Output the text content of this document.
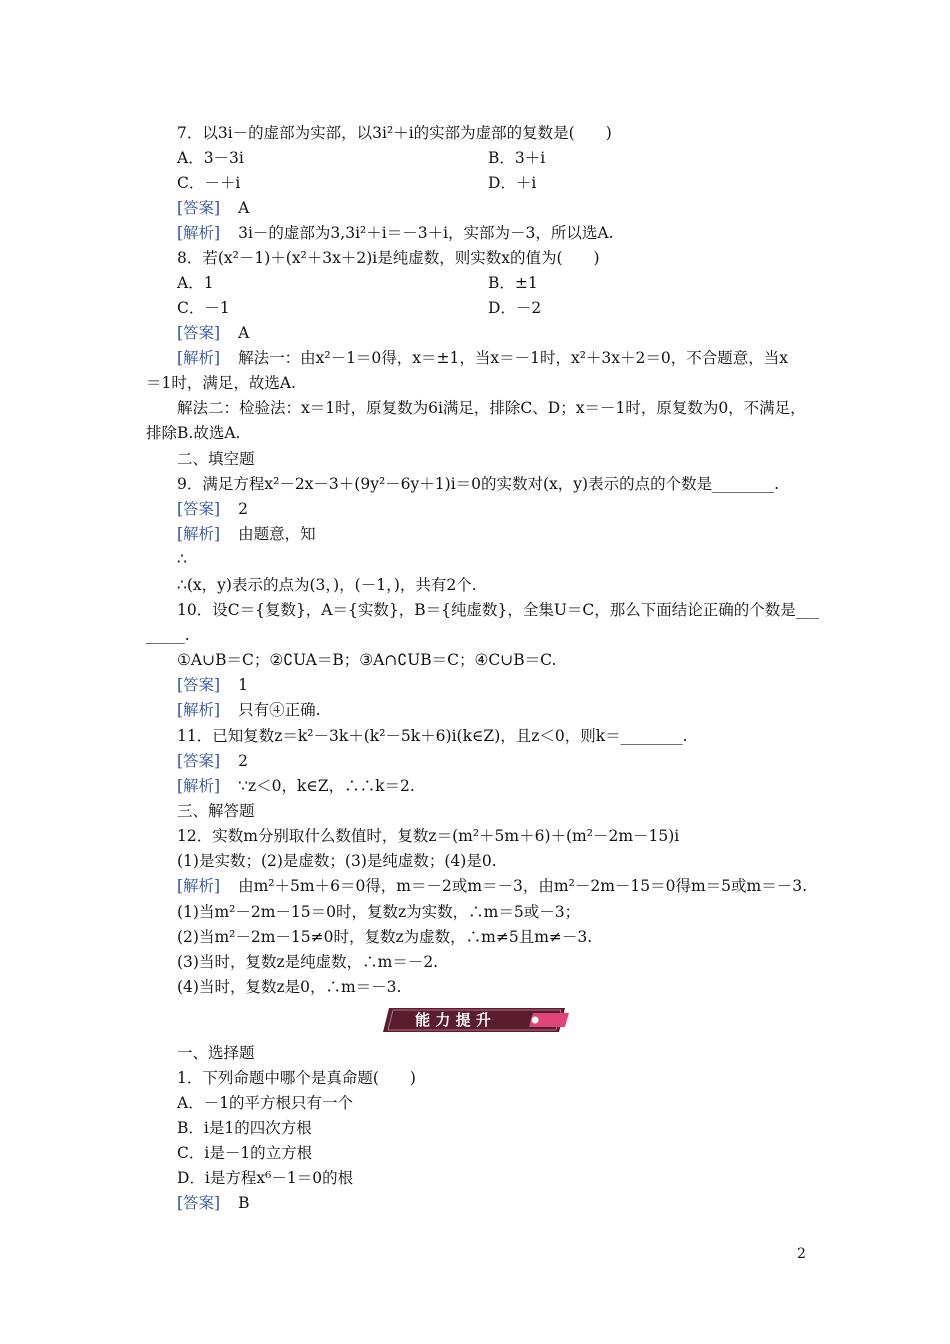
7．以3i－的虚部为实部，以3i²＋i的实部为虚部的复数是(　　)
A．3－3i	B．3＋i
C．－＋i	D．＋i
[答案] A
[解析] 3i－的虚部为3,3i²＋i＝－3＋i，实部为－3，所以选A.
8．若(x²－1)＋(x²＋3x＋2)i是纯虚数，则实数x的值为(　　)
A．1	B．±1
C．－1	D．－2
[答案] A
[解析] 解法一：由x²－1＝0得，x＝±1，当x＝－1时，x²＋3x＋2＝0，不合题意，当x
＝1时，满足，故选A.
解法二：检验法：x＝1时，原复数为6i满足，排除C、D；x＝－1时，原复数为0，不满足，
排除B.故选A.
二、填空题
9．满足方程x²－2x－3＋(9y²－6y＋1)i＝0的实数对(x，y)表示的点的个数是________.
[答案] 2
[解析] 由题意，知
∴
∴(x，y)表示的点为(3，)，(－1，)，共有2个.
10．设C＝{复数}，A＝{实数}，B＝{纯虚数}，全集U＝C，那么下面结论正确的个数是___
_____.
①A∪B＝C；②∁UA＝B；③A∩∁UB＝C；④C∪B＝C.
[答案] 1
[解析] 只有④正确.
11．已知复数z＝k²－3k＋(k²－5k＋6)i(k∈Z)，且z＜0，则k＝________.
[答案] 2
[解析] ∵z＜0，k∈Z，∴∴k＝2.
三、解答题
12．实数m分别取什么数值时，复数z＝(m²＋5m＋6)＋(m²－2m－15)i
(1)是实数；(2)是虚数；(3)是纯虚数；(4)是0.
[解析] 由m²＋5m＋6＝0得，m＝－2或m＝－3，由m²－2m－15＝0得m＝5或m＝－3.
(1)当m²－2m－15＝0时，复数z为实数，∴m＝5或－3；
(2)当m²－2m－15≠0时，复数z为虚数，∴m≠5且m≠－3.
(3)当时，复数z是纯虚数，∴m＝－2.
(4)当时，复数z是0，∴m＝－3.
能 力 提 升
一、选择题
1．下列命题中哪个是真命题(　　)
A．－1的平方根只有一个
B．i是1的四次方根
C．i是－1的立方根
D．i是方程x⁶－1＝0的根
[答案] B
2
